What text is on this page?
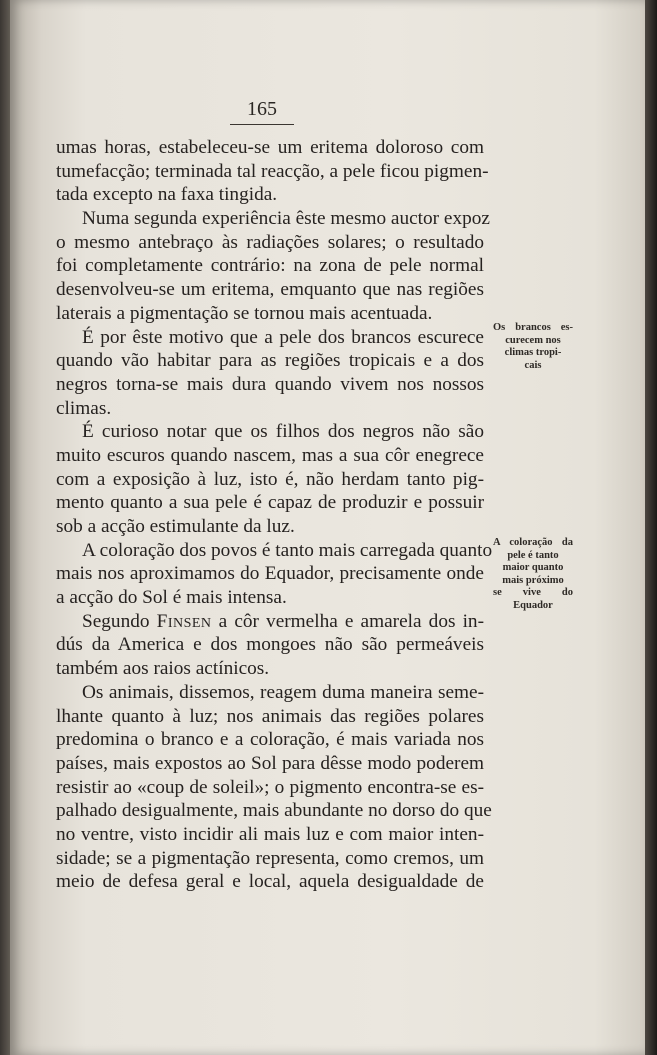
165
umas horas, estabeleceu-se um eritema doloroso com
tumefacção; terminada tal reacção, a pele ficou pigmen-
tada excepto na faxa tingida.
Numa segunda experiência êste mesmo auctor expoz
o mesmo antebraço às radiações solares; o resultado
foi completamente contrário: na zona de pele normal
desenvolveu-se um eritema, emquanto que nas regiões
laterais a pigmentação se tornou mais acentuada.
É por êste motivo que a pele dos brancos escurece
quando vão habitar para as regiões tropicais e a dos
negros torna-se mais dura quando vivem nos nossos
climas.
É curioso notar que os filhos dos negros não são
muito escuros quando nascem, mas a sua côr enegrece
com a exposição à luz, isto é, não herdam tanto pig-
mento quanto a sua pele é capaz de produzir e possuir
sob a acção estimulante da luz.
A coloração dos povos é tanto mais carregada quanto
mais nos aproximamos do Equador, precisamente onde
a acção do Sol é mais intensa.
Segundo Finsen a côr vermelha e amarela dos in-
dús da America e dos mongoes não são permeáveis
também aos raios actínicos.
Os animais, dissemos, reagem duma maneira seme-
lhante quanto à luz; nos animais das regiões polares
predomina o branco e a coloração, é mais variada nos
países, mais expostos ao Sol para dêsse modo poderem
resistir ao «coup de soleil»; o pigmento encontra-se es-
palhado desigualmente, mais abundante no dorso do que
no ventre, visto incidir ali mais luz e com maior inten-
sidade; se a pigmentação representa, como cremos, um
meio de defesa geral e local, aquela desigualdade de
Os brancos es-
curecem nos
climas tropi-
cais
A coloração da
pele é tanto
maior quanto
mais próximo
se vive do
Equador
